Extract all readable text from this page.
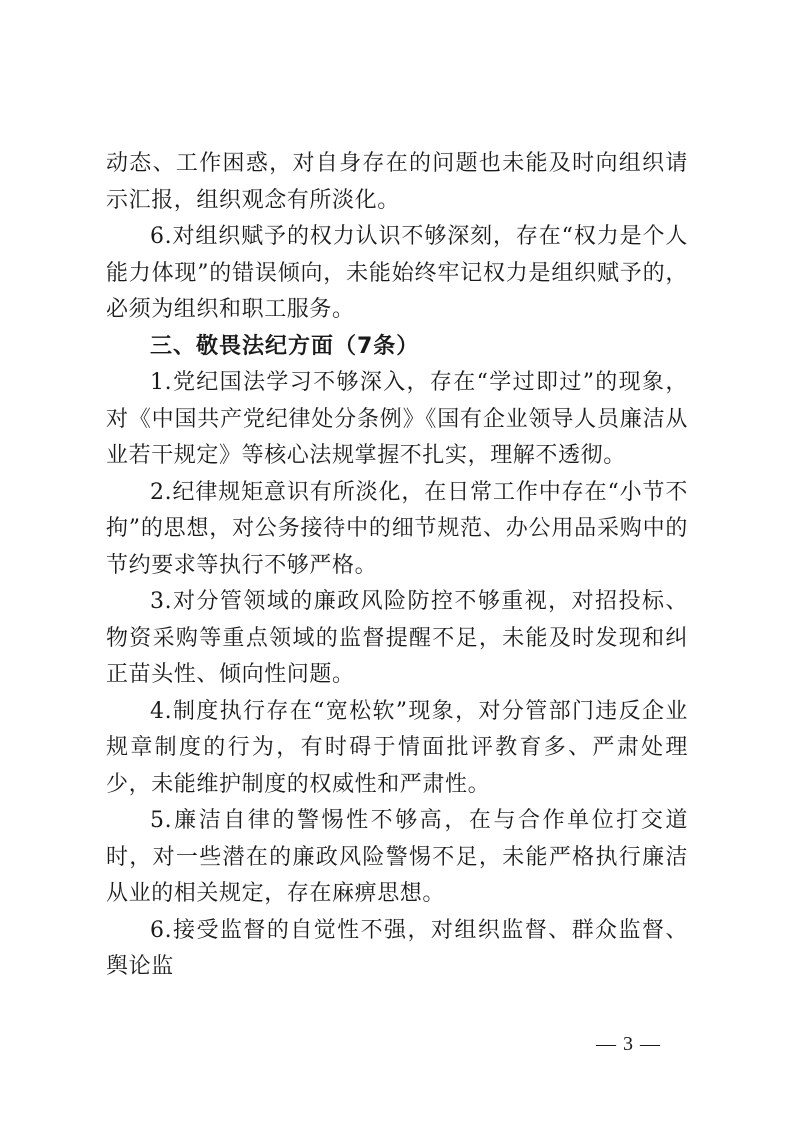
动态、工作困惑，对自身存在的问题也未能及时向组织请示汇报，组织观念有所淡化。

6.对组织赋予的权力认识不够深刻，存在“权力是个人能力体现”的错误倾向，未能始终牢记权力是组织赋予的，必须为组织和职工服务。

三、敬畏法纪方面（7条）

1.党纪国法学习不够深入，存在“学过即过”的现象，对《中国共产党纪律处分条例》《国有企业领导人员廉洁从业若干规定》等核心法规掌握不扎实，理解不透彻。

2.纪律规矩意识有所淡化，在日常工作中存在“小节不拘”的思想，对公务接待中的细节规范、办公用品采购中的节约要求等执行不够严格。

3.对分管领域的廉政风险防控不够重视，对招投标、物资采购等重点领域的监督提醒不足，未能及时发现和纠正苗头性、倾向性问题。

4.制度执行存在“宽松软”现象，对分管部门违反企业规章制度的行为，有时碍于情面批评教育多、严肃处理少，未能维护制度的权威性和严肃性。

5.廉洁自律的警惕性不够高，在与合作单位打交道时，对一些潜在的廉政风险警惕不足，未能严格执行廉洁从业的相关规定，存在麻痹思想。

6.接受监督的自觉性不强，对组织监督、群众监督、舆论监

— 3 —
